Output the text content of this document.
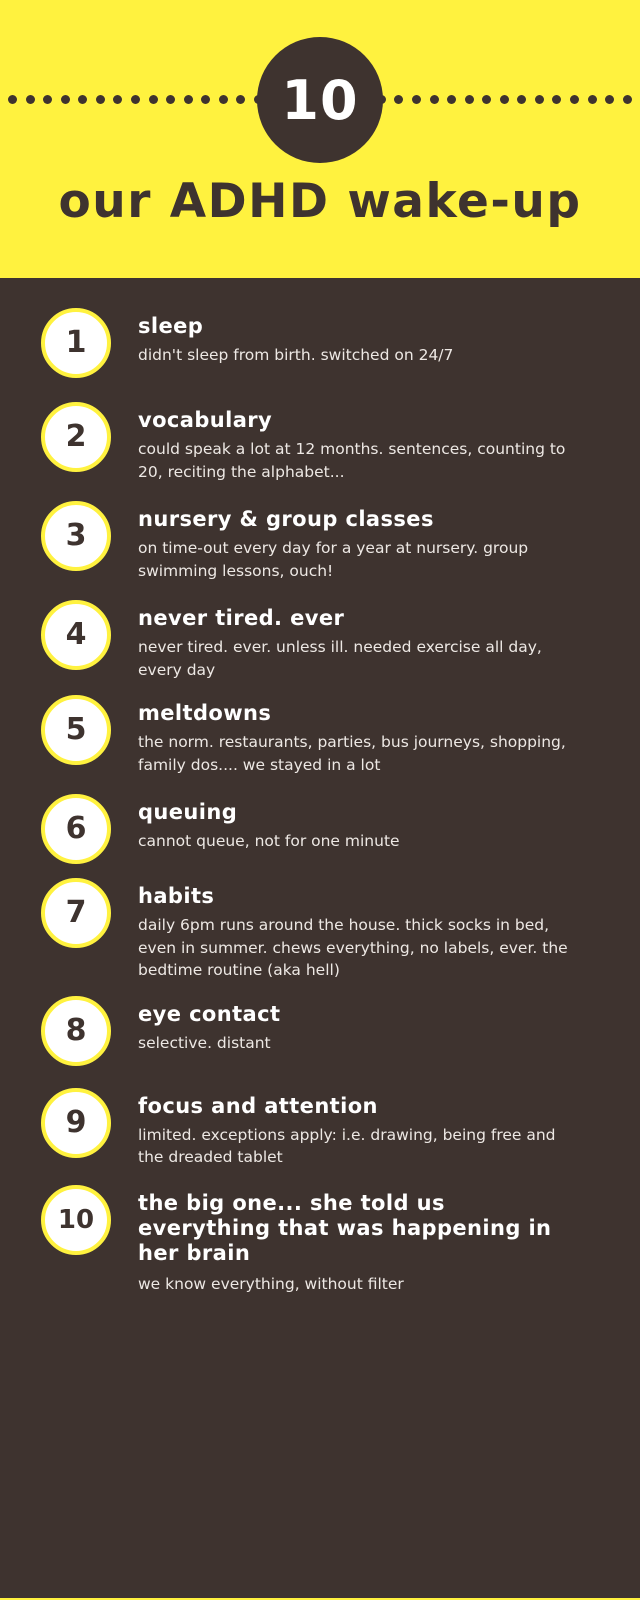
10
our ADHD wake-up
1	sleep

didn't sleep from birth. switched on 24/7

2	vocabulary

could speak a lot at 12 months. sentences, counting to 20, reciting the alphabet...

3	nursery & group classes

on time-out every day for a year at nursery. group swimming lessons, ouch!

4	never tired. ever

never tired. ever. unless ill. needed exercise all day, every day

5	meltdowns

the norm. restaurants, parties, bus journeys, shopping, family dos.... we stayed in a lot

6	queuing

cannot queue, not for one minute

7	habits

daily 6pm runs around the house. thick socks in bed, even in summer. chews everything, no labels, ever. the bedtime routine (aka hell)

8	eye contact

selective. distant

9	focus and attention

limited. exceptions apply: i.e. drawing, being free and the dreaded tablet

10

the big one... she told us everything that was happening in her brain

we know everything, without filter
